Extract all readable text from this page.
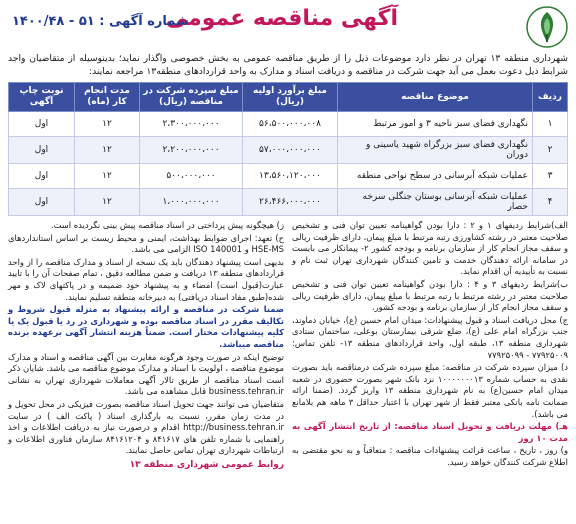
آگهی مناقصه عمومی
شماره آگهی : ۵۱ - ۱۴۰۰/۴۸
شهرداری منطقه ۱۳ تهران در نظر دارد موضوعات ذیل را از طریق مناقصه عمومی به بخش خصوصی واگذار نماید؛ بدینوسیله از متقاضیان واجد شرایط ذیل دعوت بعمل می آید جهت شرکت در مناقصه و دریافت اسناد و مدارک به واحد قراردادهای منطقه۱۳ مراجعه نمایند:
ردیف	موضوع مناقصه	مبلغ برآورد اولیه (ریال)	مبلغ سپرده شرکت در مناقصه (ریال)	مدت انجام کار (ماه)	نوبت چاپ آگهی
۱	نگهداری فضای سبز ناحیه ۳ و امور مرتبط	۵۶،۵۰۰،۰۰۰،۰۰۸	۲،۳۰۰،۰۰۰،۰۰۰	۱۲	اول
۲	نگهداری فضای سبز بزرگراه شهید یاسینی و دوران	۵۷،۰۰۰،۰۰۰،۰۰۰	۲،۲۰۰،۰۰۰،۰۰۰	۱۲	اول
۳	عملیات شبکه آبرسانی در سطح نواحی منطقه	۱۳،۵۶۰،۱۲۰،۰۰۰	۵۰۰،۰۰۰،۰۰۰	۱۲	اول
۴	عملیات شبکه آبرسانی بوستان جنگلی سرخه حصار	۲۶،۴۶۶،۰۰۰،۰۰۰	۱،۰۰۰،۰۰۰،۰۰۰	۱۲	اول

الف)شرایط ردیفهای ۱ و ۲ : دارا بودن گواهینامه تعیین توان فنی و تشخیص صلاحیت معتبر در رشته کشاورزی رتبه مرتبط با مبلغ پیمان، دارای ظرفیت ریالی و سقف مجاز انجام کار از سازمان برنامه و بودجه کشور ۲- پیمانکار می بایست در سامانه ارائه دهندگان خدمت و تامین کنندگان شهرداری تهران ثبت نام و نسبت به تأییدیه آن اقدام نماید.

ب)شرایط ردیفهای ۳ و ۴ : دارا بودن گواهینامه تعیین توان فنی و تشخیص صلاحیت معتبر در رشته مرتبط با رتبه مرتبط با مبلغ پیمان، دارای ظرفیت ریالی و سقف مجاز انجام کار از سازمان برنامه و بودجه کشور.

ج) محل دریافت اسناد و قبول پیشنهادات: میدان امام حسین (ع)، خیابان دماوند، جنب بزرگراه امام علی (ع)، ضلع شرقی بیمارستان بوعلی، ساختمان ستادی شهرداری منطقه ۱۳، طبقه اول، واحد قراردادهای منطقه ۱۳- تلفن تماس: ۷۷۹۲۵۰۰۹ - ۷۷۹۲۵۰۹۹

د) میزان سپرده شرکت در مناقصه: مبلغ سپرده شرکت درمناقصه باید بصورت نقدی به حساب شماره ۱۰۰۰۰۰۰۰۱۳ نزد بانک شهر بصورت حضوری در شعبه میدان امام حسین(ع) به نام شهرداری منطقه ۱۳ واریز گردد. (ضمنا ارائه ضمانت نامه بانکی معتبر فقط از شهر تهران با اعتبار حداقل ۳ ماهه هم بلامانع می باشد).

هـ) مهلت دریافت و تحویل اسناد مناقصه: از تاریخ انتشار آگهی به مدت ۱۰ روز

و) روز ، تاریخ ، ساعت قرائت پیشنهادات مناقصه : متعاقباً و به نحو مقتضی به اطلاع شرکت کنندگان خواهد رسید.

ز) هیچگونه پیش پرداختی در اسناد مناقصه پیش بینی نگردیده است.

ح) تعهد: اجرای ضوابط بهداشت، ایمنی و محیط زیست بر اساس استانداردهای HSE-MS و ISO 140001 الزامی می باشد.

بدیهی است پیشنهاد دهندگان باید یک نسخه از اسناد و مدارک مناقصه را از واحد قراردادهای منطقه ۱۳ دریافت و ضمن مطالعه دقیق ، تمام صفحات آن را با تایید عبارت(قبول است) امضاء و به پیشنهاد خود ضمیمه و در پاکتهای لاک و مهر شده(طبق مفاد اسناد دریافتی) به دبیرخانه منطقه تسلیم نمایند.

ضمنا شرکت در مناقصه و ارائه پیشنهاد به منزله قبول شروط و تکالیف مقرر در اسناد مناقصه بوده و شهرداری در رد یا قبول یک یا کلیه پیشنهادات مختار است. ضمناً هزینه انتشار آگهی برعهده برنده مناقصه میباشد.

توضیح اینکه در صورت وجود هرگونه مغایرت بین آگهی مناقصه و اسناد و مدارک موضوع مناقصه ، اولویت با اسناد و مدارک موضوع مناقصه می باشد. شایان ذکر است اسناد مناقصه از طریق تالار آگهی معاملات شهرداری تهران به نشانی business.tehran.ir قابل مشاهده می باشد.

متقاضیان می توانند جهت تحویل اسناد مناقصه بصورت فیزیکی در محل تحویل و در مدت زمان مقرر، نسبت به بارگذاری اسناد ( پاکت الف ) در سایت http://business.tehran.ir اقدام و درصورت نیاز به دریافت اطلاعات و اخذ راهنمایی با شماره تلفن های ۸۴۱۶۱۷ و ۸۴۱۶۱۲۰۴ سازمان فناوری اطلاعات و ارتباطات شهرداری تهران تماس حاصل نمایند.

روابط عمومی شهرداری منطقه ۱۳
